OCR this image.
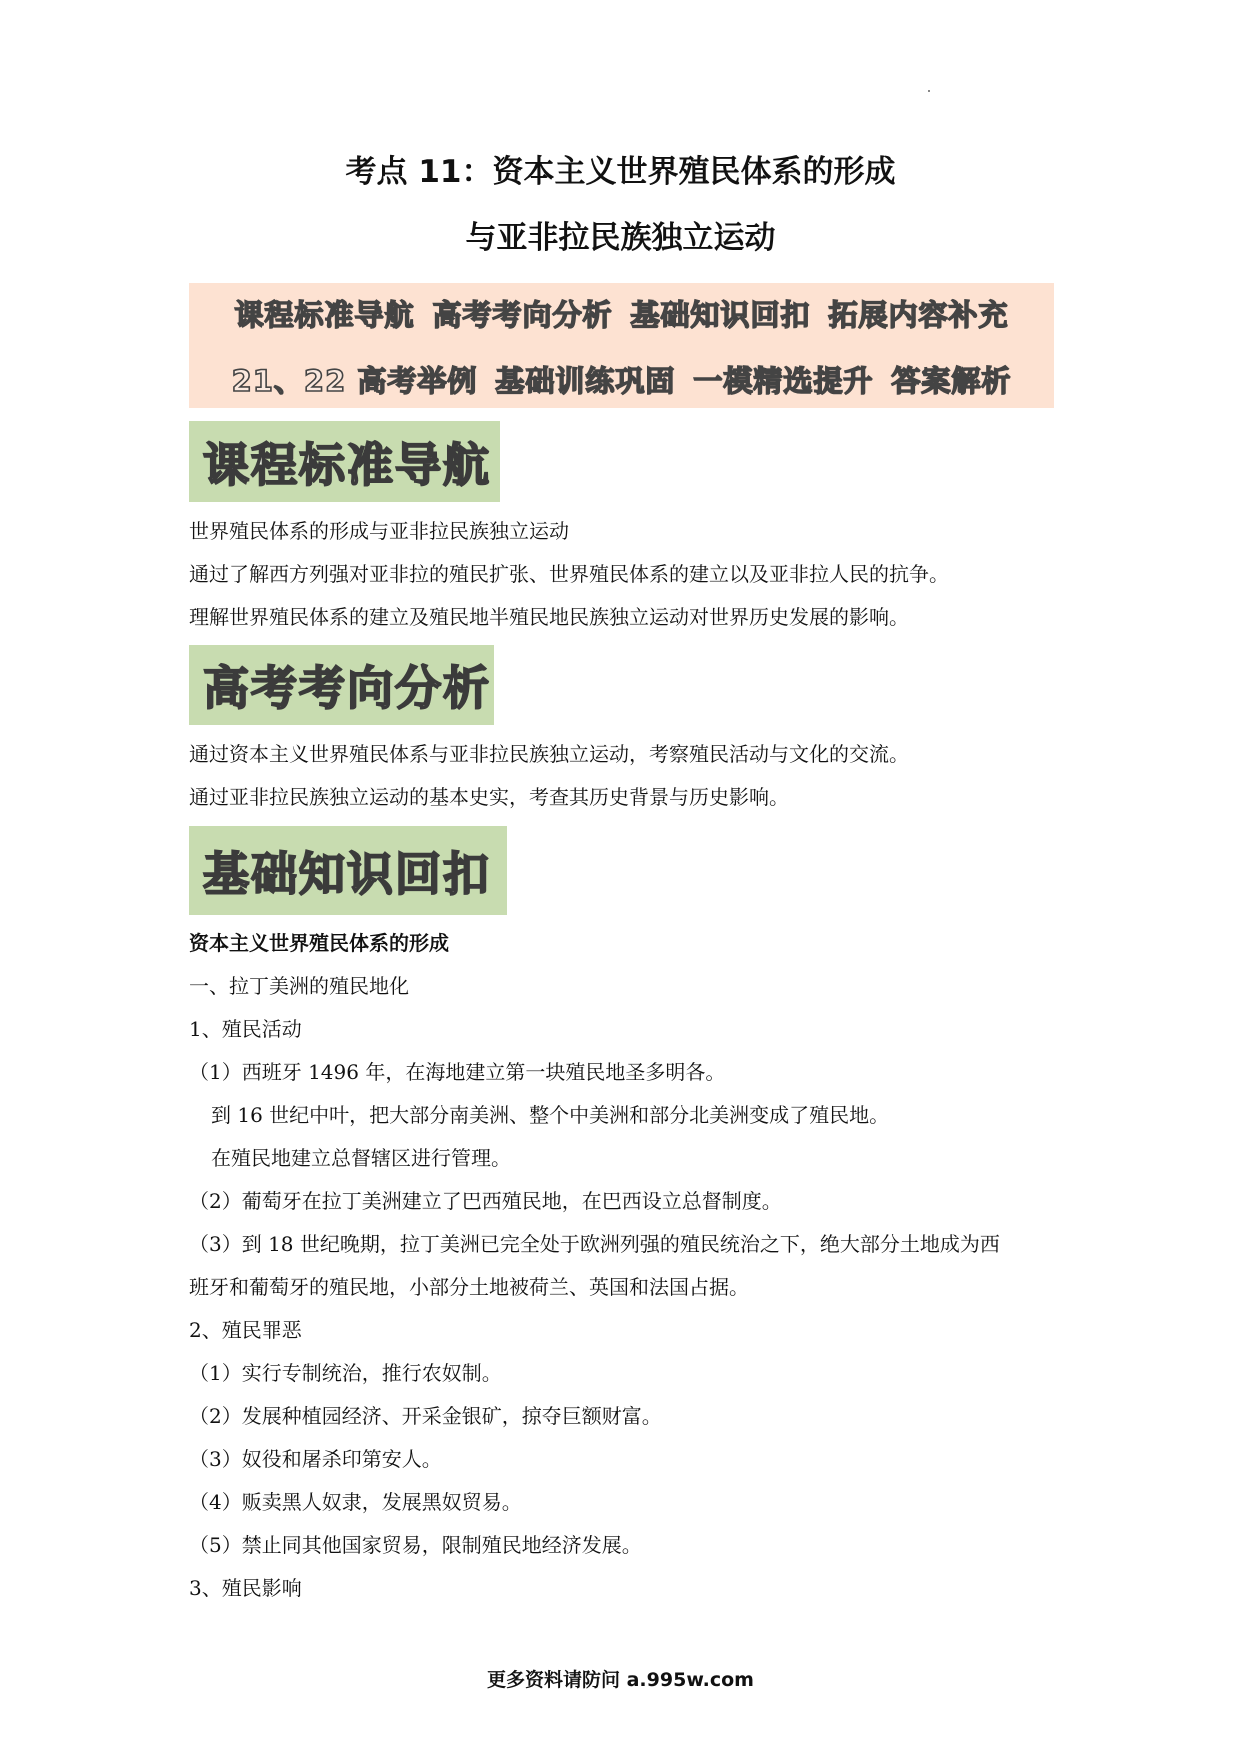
考点 11：资本主义世界殖民体系的形成
与亚非拉民族独立运动
课程标准导航 高考考向分析 基础知识回扣 拓展内容补充
21、22 高考举例 基础训练巩固 一模精选提升 答案解析
课程标准导航
世界殖民体系的形成与亚非拉民族独立运动
通过了解西方列强对亚非拉的殖民扩张、世界殖民体系的建立以及亚非拉人民的抗争。
理解世界殖民体系的建立及殖民地半殖民地民族独立运动对世界历史发展的影响。
高考考向分析
通过资本主义世界殖民体系与亚非拉民族独立运动，考察殖民活动与文化的交流。
通过亚非拉民族独立运动的基本史实，考查其历史背景与历史影响。
基础知识回扣
资本主义世界殖民体系的形成
一、拉丁美洲的殖民地化
1、殖民活动
（1）西班牙 1496 年，在海地建立第一块殖民地圣多明各。
到 16 世纪中叶，把大部分南美洲、整个中美洲和部分北美洲变成了殖民地。
在殖民地建立总督辖区进行管理。
（2）葡萄牙在拉丁美洲建立了巴西殖民地，在巴西设立总督制度。
（3）到 18 世纪晚期，拉丁美洲已完全处于欧洲列强的殖民统治之下，绝大部分土地成为西
班牙和葡萄牙的殖民地，小部分土地被荷兰、英国和法国占据。
2、殖民罪恶
（1）实行专制统治，推行农奴制。
（2）发展种植园经济、开采金银矿，掠夺巨额财富。
（3）奴役和屠杀印第安人。
（4）贩卖黑人奴隶，发展黑奴贸易。
（5）禁止同其他国家贸易，限制殖民地经济发展。
3、殖民影响
更多资料请防问 a.995w.com
